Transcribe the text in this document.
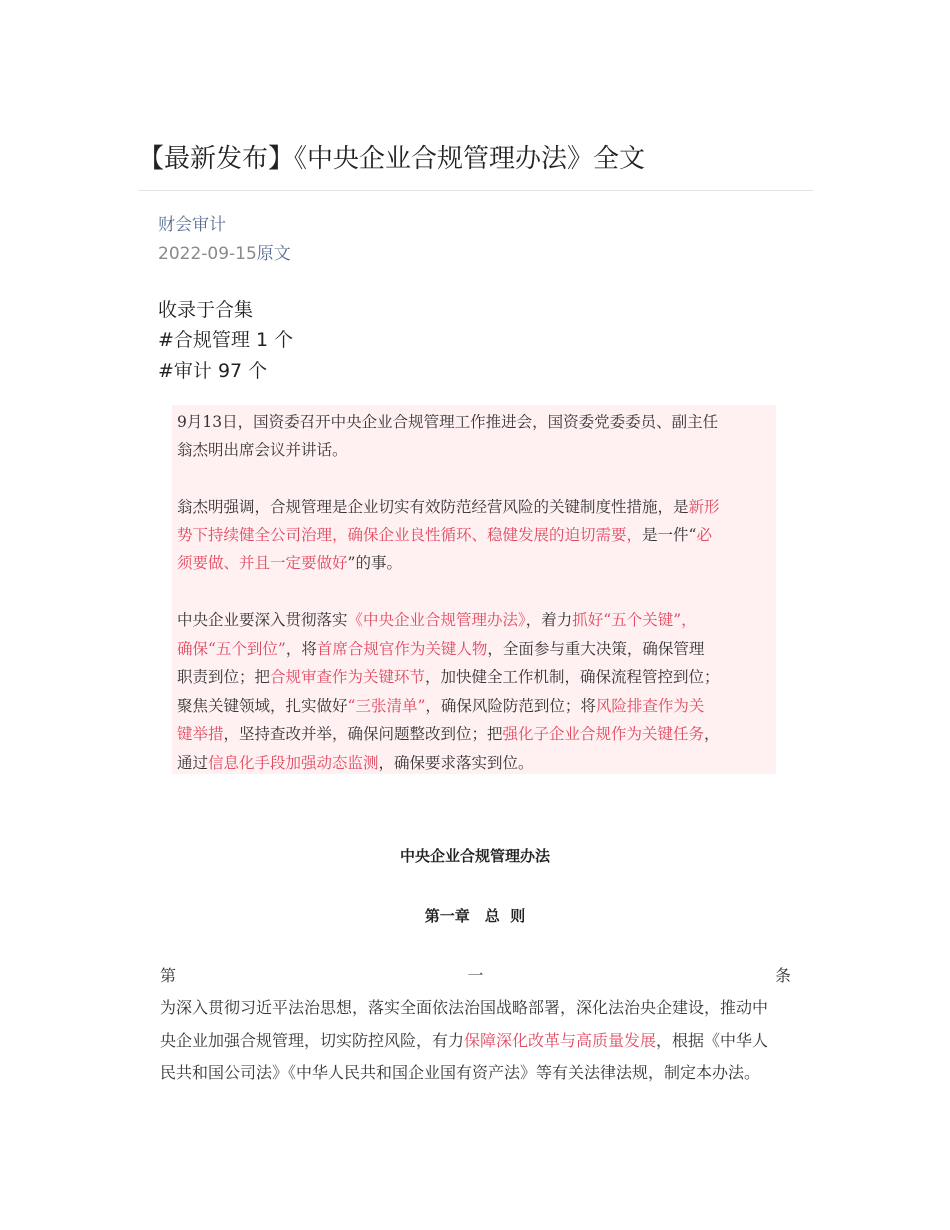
【最新发布】《中央企业合规管理办法》全文
财会审计
2022-09-15原文
收录于合集
#合规管理 1 个
#审计 97 个
9月13日，国资委召开中央企业合规管理工作推进会，国资委党委委员、副主任
翁杰明出席会议并讲话。
翁杰明强调，合规管理是企业切实有效防范经营风险的关键制度性措施，是新形
势下持续健全公司治理，确保企业良性循环、稳健发展的迫切需要，是一件“必
须要做、并且一定要做好”的事。
中央企业要深入贯彻落实《中央企业合规管理办法》，着力抓好“五个关键”，
确保“五个到位”，将首席合规官作为关键人物，全面参与重大决策，确保管理
职责到位；把合规审查作为关键环节，加快健全工作机制，确保流程管控到位；
聚焦关键领域，扎实做好“三张清单”，确保风险防范到位；将风险排查作为关
键举措，坚持查改并举，确保问题整改到位；把强化子企业合规作为关键任务，
通过信息化手段加强动态监测，确保要求落实到位。
中央企业合规管理办法
第一章　总  则
第	一	条
为深入贯彻习近平法治思想，落实全面依法治国战略部署，深化法治央企建设，推动中
央企业加强合规管理，切实防控风险，有力保障深化改革与高质量发展，根据《中华人
民共和国公司法》《中华人民共和国企业国有资产法》等有关法律法规，制定本办法。
